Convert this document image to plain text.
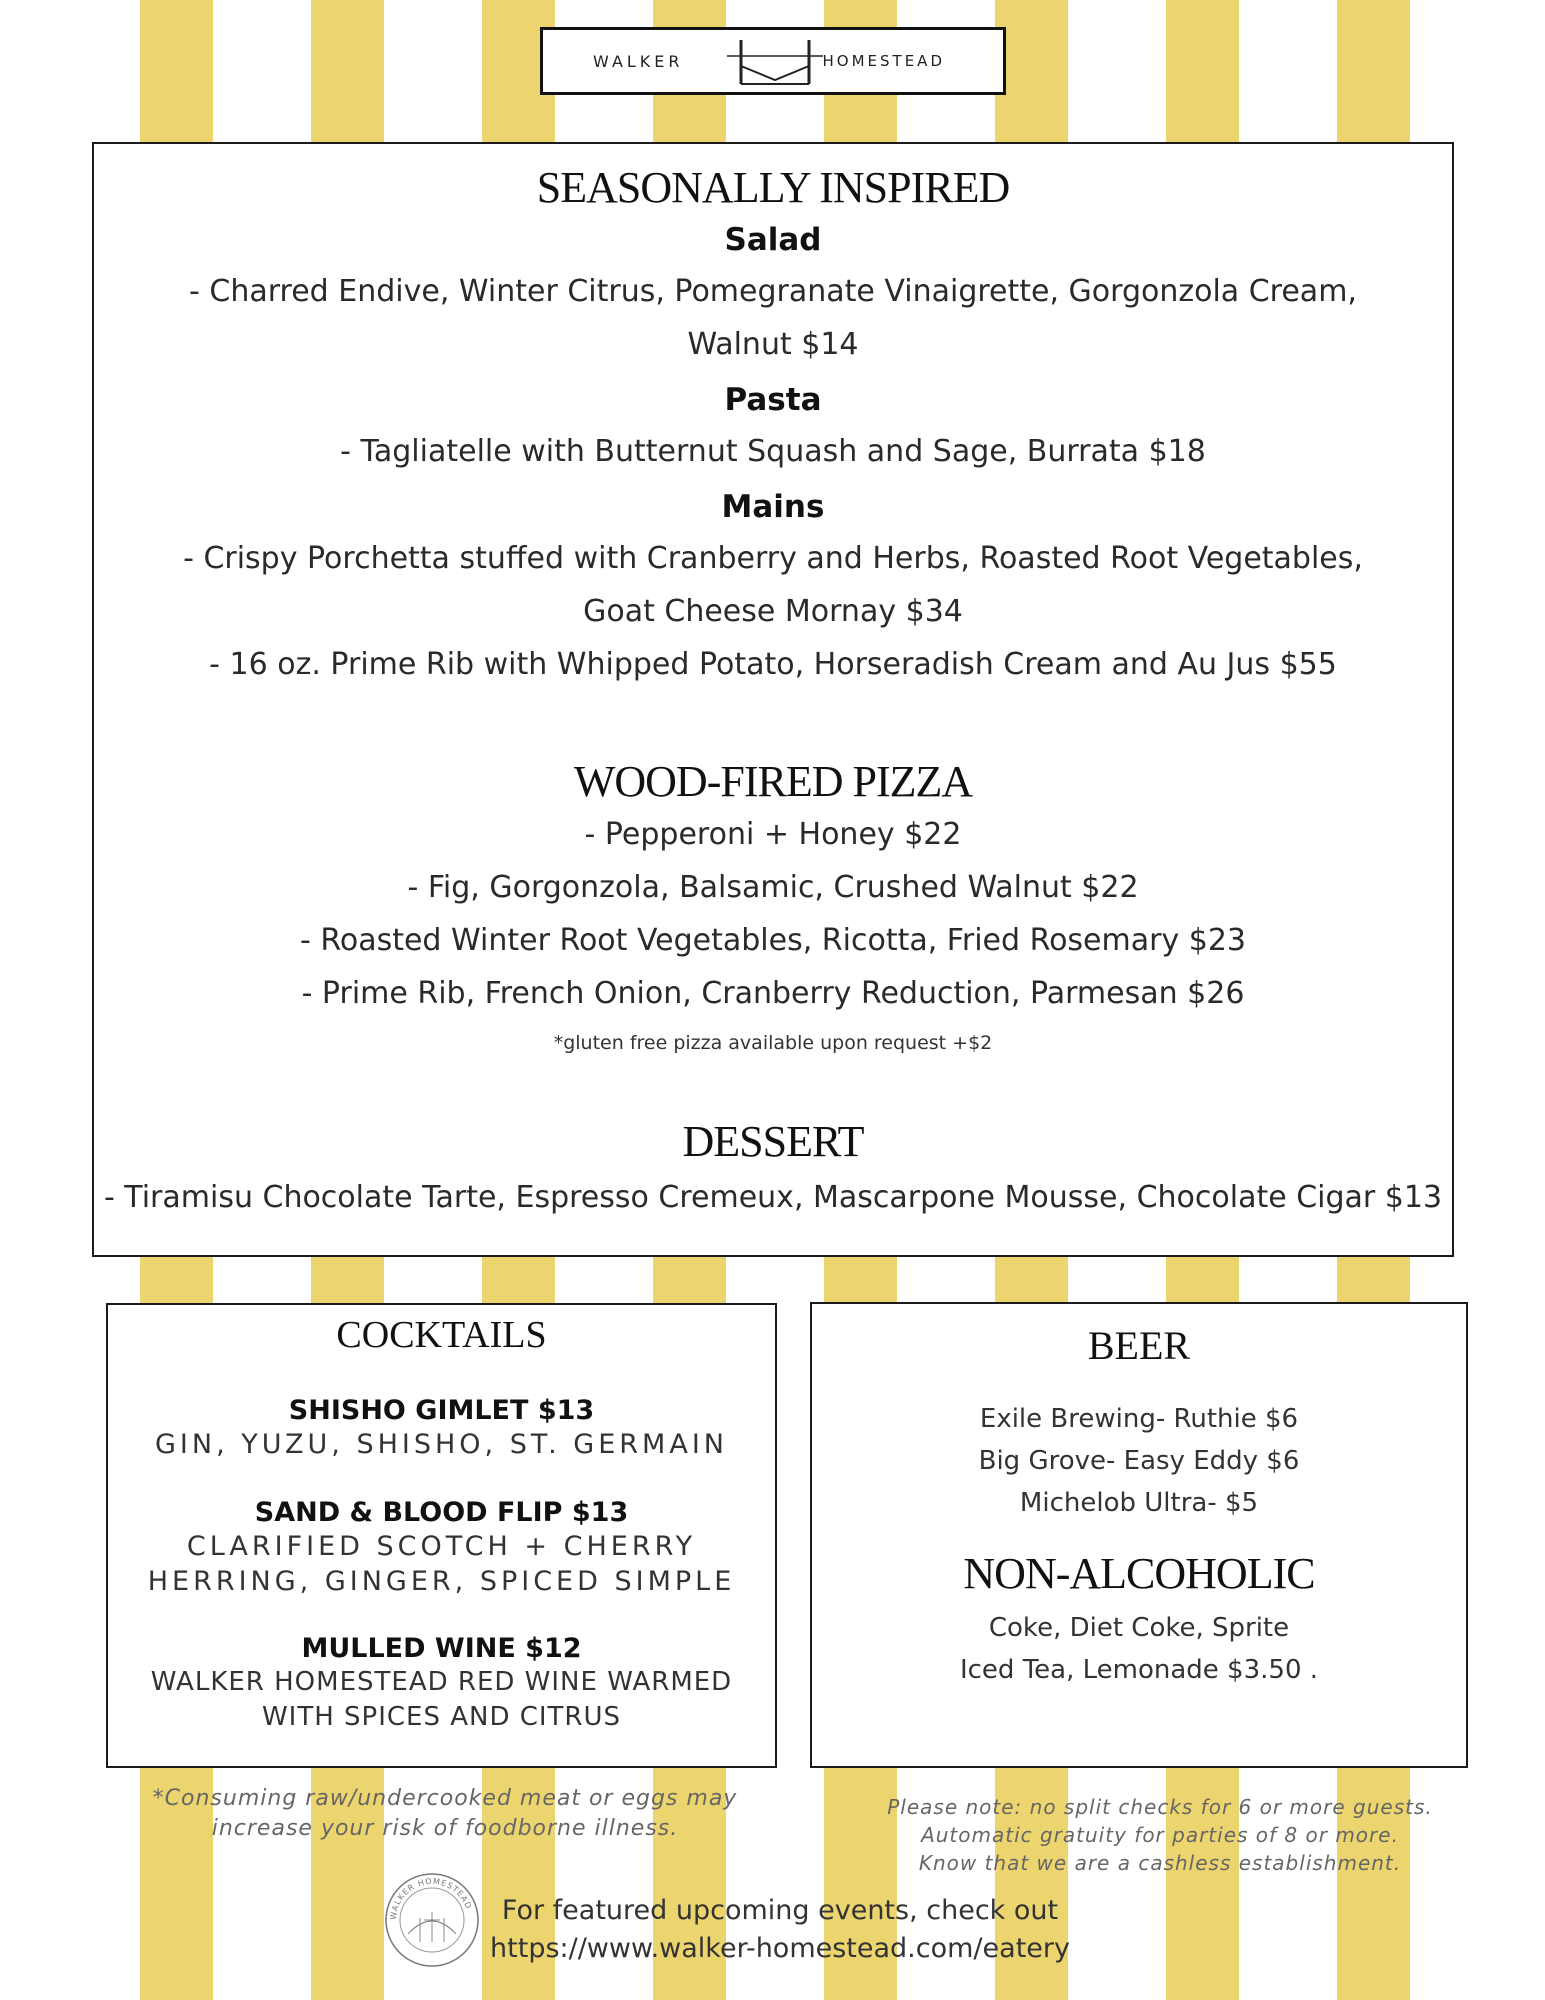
WALKER	HOMESTEAD
SEASONALLY INSPIRED
Salad
- Charred Endive, Winter Citrus, Pomegranate Vinaigrette, Gorgonzola Cream,
Walnut $14
Pasta
- Tagliatelle with Butternut Squash and Sage, Burrata $18
Mains
- Crispy Porchetta stuffed with Cranberry and Herbs, Roasted Root Vegetables,
Goat Cheese Mornay $34
- 16 oz. Prime Rib with Whipped Potato, Horseradish Cream and Au Jus $55
WOOD-FIRED PIZZA
- Pepperoni + Honey $22
- Fig, Gorgonzola, Balsamic, Crushed Walnut $22
- Roasted Winter Root Vegetables, Ricotta, Fried Rosemary $23
- Prime Rib, French Onion, Cranberry Reduction, Parmesan $26
*gluten free pizza available upon request +$2
DESSERT
- Tiramisu Chocolate Tarte, Espresso Cremeux, Mascarpone Mousse, Chocolate Cigar $13
COCKTAILS
SHISHO GIMLET $13
GIN, YUZU, SHISHO, ST. GERMAIN
SAND & BLOOD FLIP $13
CLARIFIED SCOTCH + CHERRY
HERRING, GINGER, SPICED SIMPLE
MULLED WINE $12
WALKER HOMESTEAD RED WINE WARMED
WITH SPICES AND CITRUS
BEER
Exile Brewing- Ruthie $6
Big Grove- Easy Eddy $6
Michelob Ultra- $5
NON-ALCOHOLIC
Coke, Diet Coke, Sprite
Iced Tea, Lemonade $3.50 .
*Consuming raw/undercooked meat or eggs may
increase your risk of foodborne illness.
Please note: no split checks for 6 or more guests.
Automatic gratuity for parties of 8 or more.
Know that we are a cashless establishment.
WALKER HOMESTEAD	For featured upcoming events, check out
https://www.walker-homestead.com/eatery
